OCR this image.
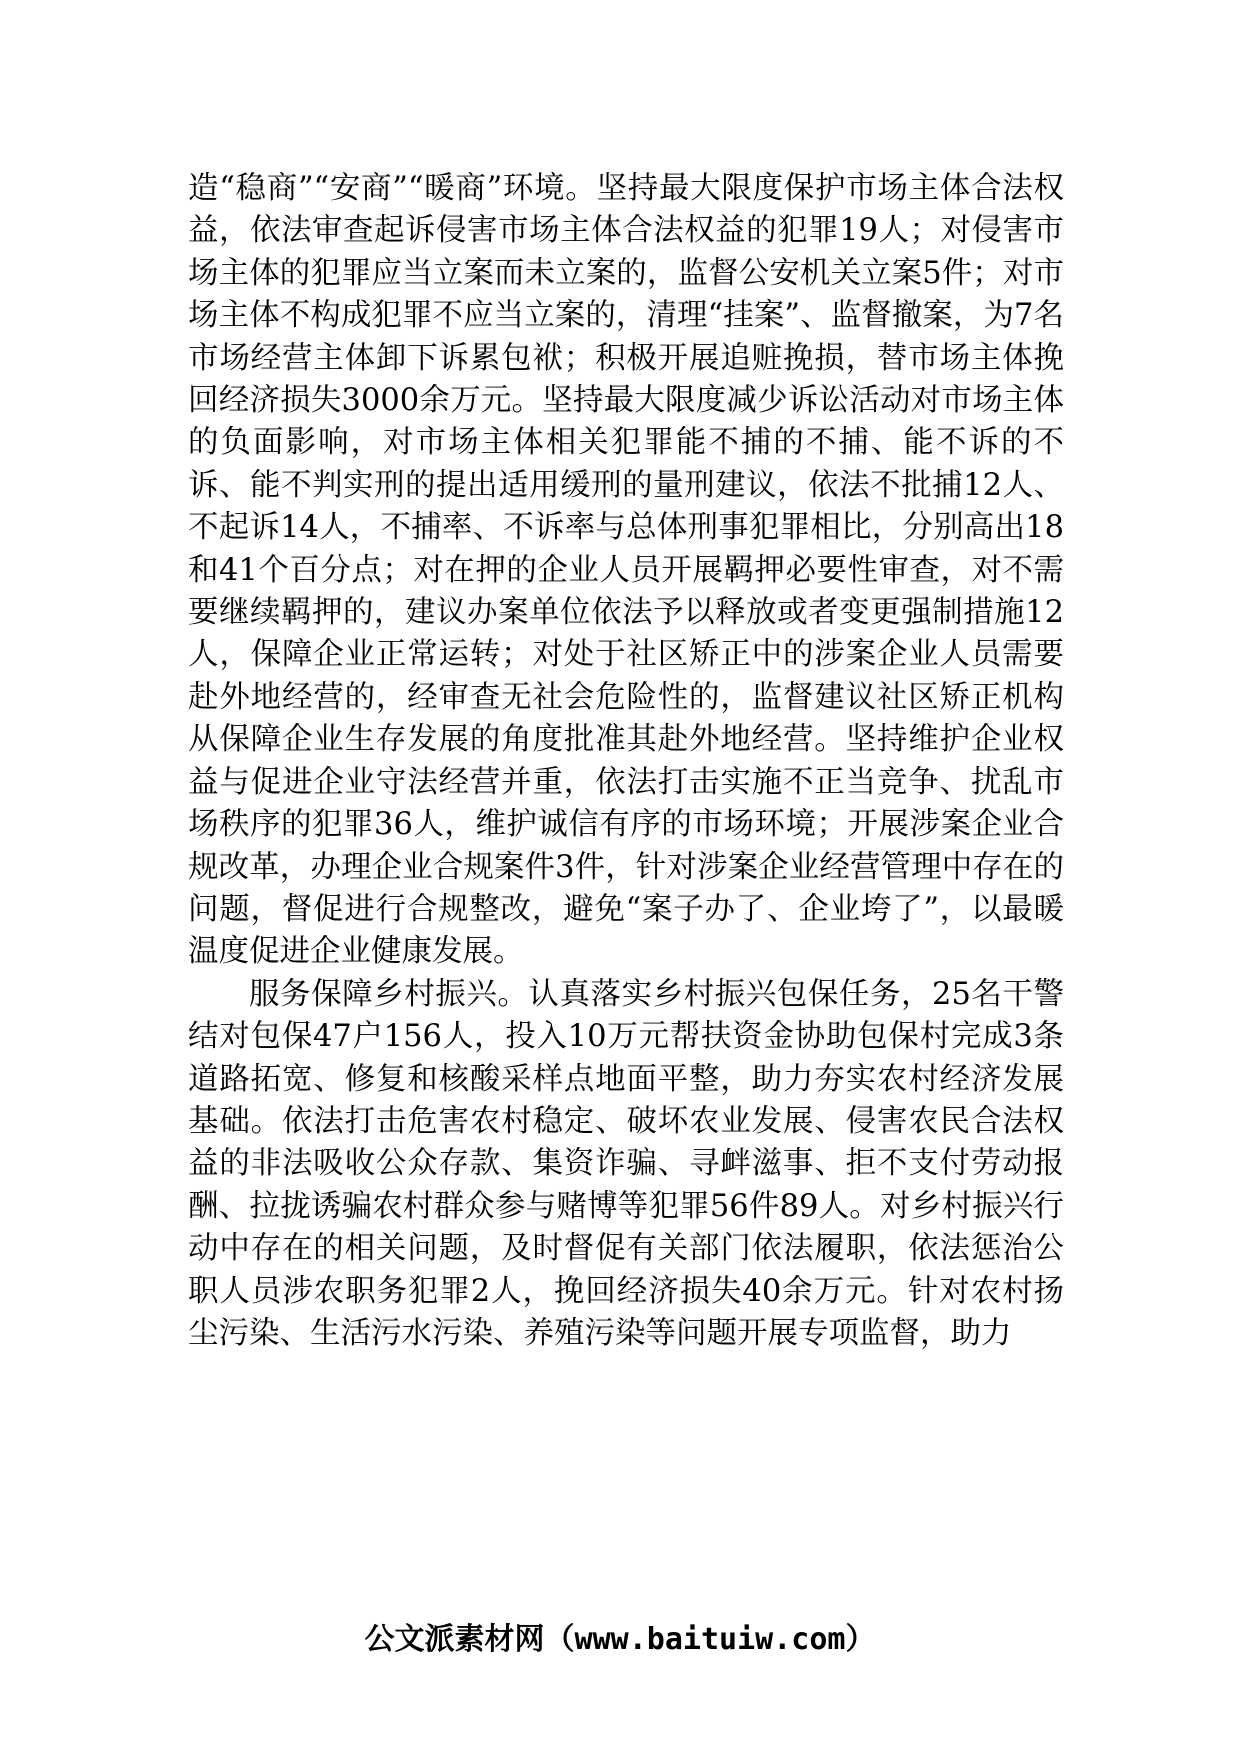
造“稳商”“安商”“暖商”环境。坚持最大限度保护市场主体合法权益，依法审查起诉侵害市场主体合法权益的犯罪19人；对侵害市场主体的犯罪应当立案而未立案的，监督公安机关立案5件；对市场主体不构成犯罪不应当立案的，清理“挂案”、监督撤案，为7名市场经营主体卸下诉累包袱；积极开展追赃挽损，替市场主体挽回经济损失3000余万元。坚持最大限度减少诉讼活动对市场主体的负面影响，对市场主体相关犯罪能不捕的不捕、能不诉的不诉、能不判实刑的提出适用缓刑的量刑建议，依法不批捕12人、不起诉14人，不捕率、不诉率与总体刑事犯罪相比，分别高出18和41个百分点；对在押的企业人员开展羁押必要性审查，对不需要继续羁押的，建议办案单位依法予以释放或者变更强制措施12人，保障企业正常运转；对处于社区矫正中的涉案企业人员需要赴外地经营的，经审查无社会危险性的，监督建议社区矫正机构从保障企业生存发展的角度批准其赴外地经营。坚持维护企业权益与促进企业守法经营并重，依法打击实施不正当竞争、扰乱市场秩序的犯罪36人，维护诚信有序的市场环境；开展涉案企业合规改革，办理企业合规案件3件，针对涉案企业经营管理中存在的问题，督促进行合规整改，避免“案子办了、企业垮了”，以最暖温度促进企业健康发展。

服务保障乡村振兴。认真落实乡村振兴包保任务，25名干警结对包保47户156人，投入10万元帮扶资金协助包保村完成3条道路拓宽、修复和核酸采样点地面平整，助力夯实农村经济发展基础。依法打击危害农村稳定、破坏农业发展、侵害农民合法权益的非法吸收公众存款、集资诈骗、寻衅滋事、拒不支付劳动报酬、拉拢诱骗农村群众参与赌博等犯罪56件89人。对乡村振兴行动中存在的相关问题，及时督促有关部门依法履职，依法惩治公职人员涉农职务犯罪2人，挽回经济损失40余万元。针对农村扬尘污染、生活污水污染、养殖污染等问题开展专项监督，助力

公文派素材网（www.baituiw.com）
